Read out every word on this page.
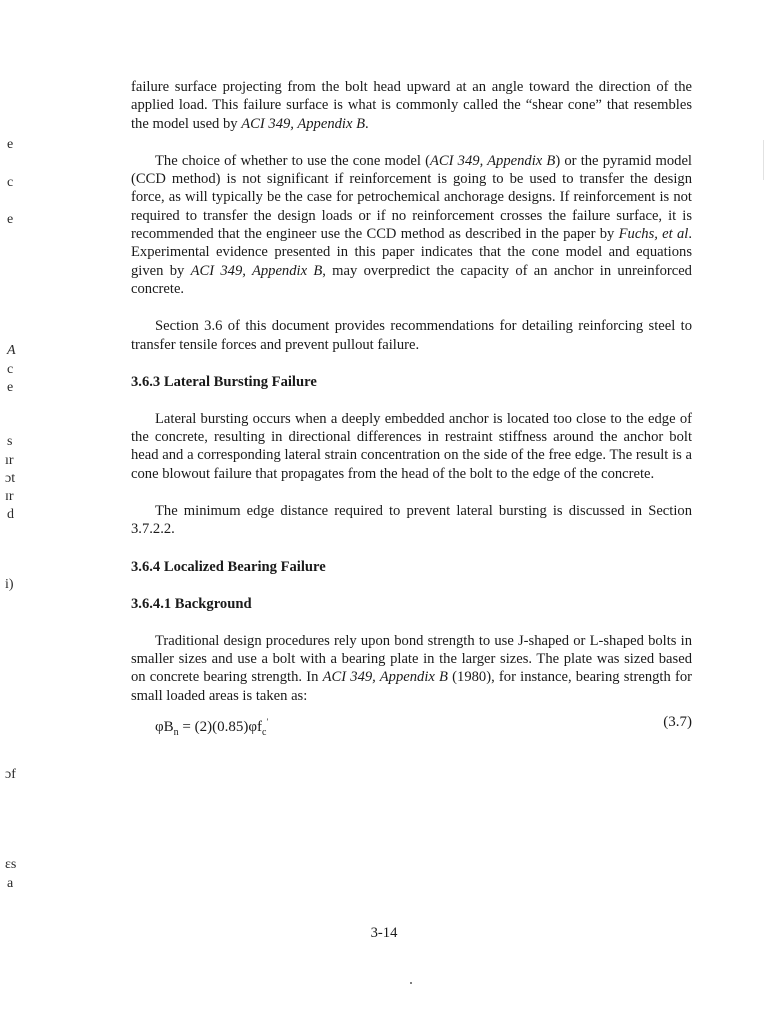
e
c
e
A
c
e
s
ır
ɔt
ɪr
d
i)
ɔf
ɛs
a

failure surface projecting from the bolt head upward at an angle toward the direction of the applied load. This failure surface is what is commonly called the “shear cone” that resembles the model used by ACI 349, Appendix B.

The choice of whether to use the cone model (ACI 349, Appendix B) or the pyramid model (CCD method) is not significant if reinforcement is going to be used to transfer the design force, as will typically be the case for petrochemical anchorage designs. If reinforcement is not required to transfer the design loads or if no reinforcement crosses the failure surface, it is recommended that the engineer use the CCD method as described in the paper by Fuchs, et al. Experimental evidence presented in this paper indicates that the cone model and equations given by ACI 349, Appendix B, may overpredict the capacity of an anchor in unreinforced concrete.

Section 3.6 of this document provides recommendations for detailing reinforcing steel to transfer tensile forces and prevent pullout failure.

3.6.3 Lateral Bursting Failure

Lateral bursting occurs when a deeply embedded anchor is located too close to the edge of the concrete, resulting in directional differences in restraint stiffness around the anchor bolt head and a corresponding lateral strain concentration on the side of the free edge. The result is a cone blowout failure that propagates from the head of the bolt to the edge of the concrete.

The minimum edge distance required to prevent lateral bursting is discussed in Section 3.7.2.2.

3.6.4 Localized Bearing Failure
3.6.4.1 Background

Traditional design procedures rely upon bond strength to use J-shaped or L-shaped bolts in smaller sizes and use a bolt with a bearing plate in the larger sizes. The plate was sized based on concrete bearing strength. In ACI 349, Appendix B (1980), for instance, bearing strength for small loaded areas is taken as:

$\varphi B_n = (2)(0.85)\varphi f_c'$	(3.7)
3-14
